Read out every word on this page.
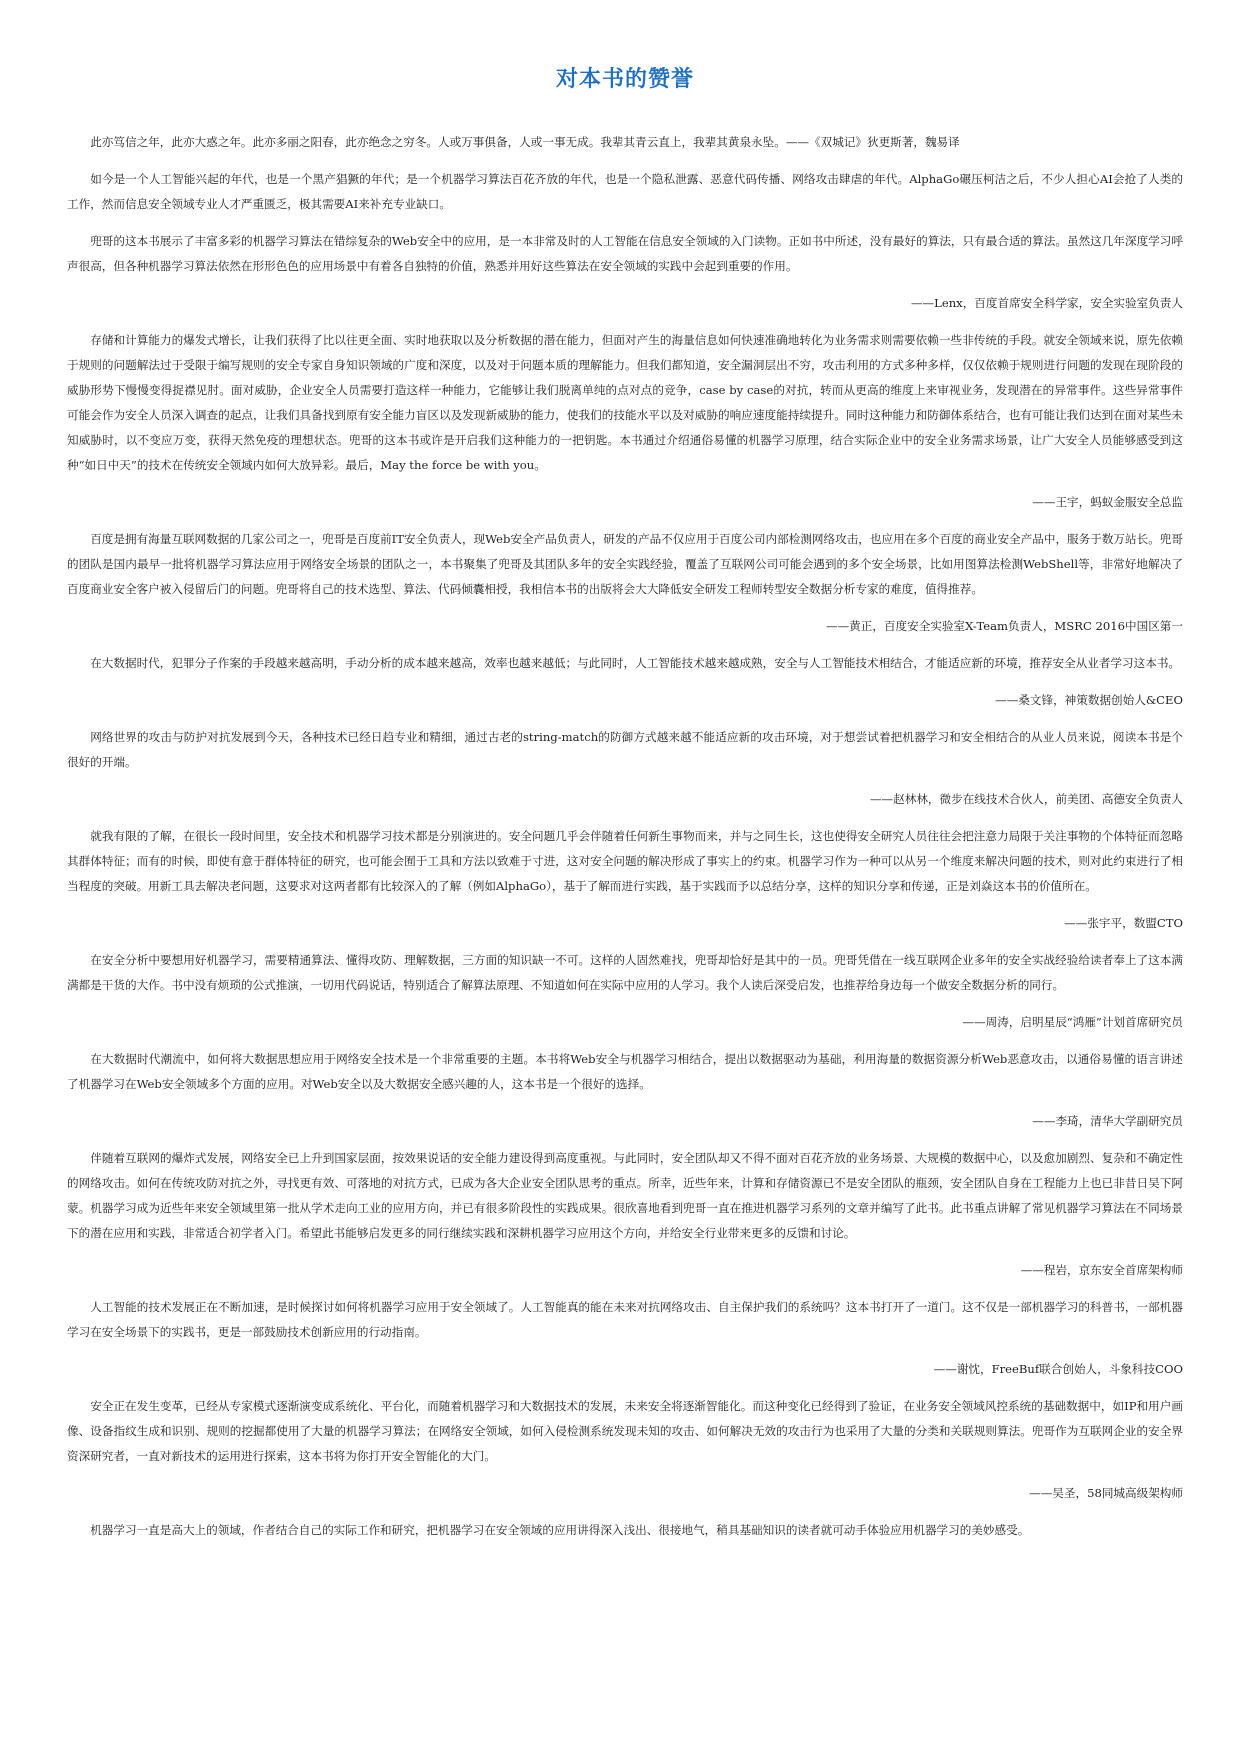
对本书的赞誉

此亦笃信之年，此亦大惑之年。此亦多丽之阳春，此亦绝念之穷冬。人或万事俱备，人或一事无成。我辈其青云直上，我辈其黄泉永坠。——《双城记》狄更斯著，魏易译

如今是一个人工智能兴起的年代，也是一个黑产猖獗的年代；是一个机器学习算法百花齐放的年代，也是一个隐私泄露、恶意代码传播、网络攻击肆虐的年代。AlphaGo碾压柯洁之后，不少人担心AI会抢了人类的工作，然而信息安全领域专业人才严重匮乏，极其需要AI来补充专业缺口。

兜哥的这本书展示了丰富多彩的机器学习算法在错综复杂的Web安全中的应用，是一本非常及时的人工智能在信息安全领域的入门读物。正如书中所述，没有最好的算法，只有最合适的算法。虽然这几年深度学习呼声很高，但各种机器学习算法依然在形形色色的应用场景中有着各自独特的价值，熟悉并用好这些算法在安全领域的实践中会起到重要的作用。

——Lenx，百度首席安全科学家，安全实验室负责人

存储和计算能力的爆发式增长，让我们获得了比以往更全面、实时地获取以及分析数据的潜在能力，但面对产生的海量信息如何快速准确地转化为业务需求则需要依赖一些非传统的手段。就安全领域来说，原先依赖于规则的问题解法过于受限于编写规则的安全专家自身知识领域的广度和深度，以及对于问题本质的理解能力。但我们都知道，安全漏洞层出不穷，攻击利用的方式多种多样，仅仅依赖于规则进行问题的发现在现阶段的威胁形势下慢慢变得捉襟见肘。面对威胁，企业安全人员需要打造这样一种能力，它能够让我们脱离单纯的点对点的竞争，case by case的对抗，转而从更高的维度上来审视业务，发现潜在的异常事件。这些异常事件可能会作为安全人员深入调查的起点，让我们具备找到原有安全能力盲区以及发现新威胁的能力，使我们的技能水平以及对威胁的响应速度能持续提升。同时这种能力和防御体系结合，也有可能让我们达到在面对某些未知威胁时，以不变应万变，获得天然免疫的理想状态。兜哥的这本书或许是开启我们这种能力的一把钥匙。本书通过介绍通俗易懂的机器学习原理，结合实际企业中的安全业务需求场景，让广大安全人员能够感受到这种“如日中天”的技术在传统安全领域内如何大放异彩。最后，May the force be with you。

——王宇，蚂蚁金服安全总监

百度是拥有海量互联网数据的几家公司之一，兜哥是百度前IT安全负责人，现Web安全产品负责人，研发的产品不仅应用于百度公司内部检测网络攻击，也应用在多个百度的商业安全产品中，服务于数万站长。兜哥的团队是国内最早一批将机器学习算法应用于网络安全场景的团队之一，本书聚集了兜哥及其团队多年的安全实践经验，覆盖了互联网公司可能会遇到的多个安全场景，比如用图算法检测WebShell等，非常好地解决了百度商业安全客户被入侵留后门的问题。兜哥将自己的技术选型、算法、代码倾囊相授，我相信本书的出版将会大大降低安全研发工程师转型安全数据分析专家的难度，值得推荐。

——黄正，百度安全实验室X-Team负责人，MSRC 2016中国区第一

在大数据时代，犯罪分子作案的手段越来越高明，手动分析的成本越来越高，效率也越来越低；与此同时，人工智能技术越来越成熟，安全与人工智能技术相结合，才能适应新的环境，推荐安全从业者学习这本书。

——桑文锋，神策数据创始人&CEO

网络世界的攻击与防护对抗发展到今天，各种技术已经日趋专业和精细，通过古老的string-match的防御方式越来越不能适应新的攻击环境，对于想尝试着把机器学习和安全相结合的从业人员来说，阅读本书是个很好的开端。

——赵林林，微步在线技术合伙人，前美团、高德安全负责人

就我有限的了解，在很长一段时间里，安全技术和机器学习技术都是分别演进的。安全问题几乎会伴随着任何新生事物而来，并与之同生长，这也使得安全研究人员往往会把注意力局限于关注事物的个体特征而忽略其群体特征；而有的时候，即使有意于群体特征的研究，也可能会囿于工具和方法以致难于寸进，这对安全问题的解决形成了事实上的约束。机器学习作为一种可以从另一个维度来解决问题的技术，则对此约束进行了相当程度的突破。用新工具去解决老问题，这要求对这两者都有比较深入的了解（例如AlphaGo），基于了解而进行实践，基于实践而予以总结分享，这样的知识分享和传递，正是刘焱这本书的价值所在。

——张宇平，数盟CTO

在安全分析中要想用好机器学习，需要精通算法、懂得攻防、理解数据，三方面的知识缺一不可。这样的人固然难找，兜哥却恰好是其中的一员。兜哥凭借在一线互联网企业多年的安全实战经验给读者奉上了这本满满都是干货的大作。书中没有烦琐的公式推演，一切用代码说话，特别适合了解算法原理、不知道如何在实际中应用的人学习。我个人读后深受启发，也推荐给身边每一个做安全数据分析的同行。

——周涛，启明星辰“鸿雁”计划首席研究员

在大数据时代潮流中，如何将大数据思想应用于网络安全技术是一个非常重要的主题。本书将Web安全与机器学习相结合，提出以数据驱动为基础，利用海量的数据资源分析Web恶意攻击，以通俗易懂的语言讲述了机器学习在Web安全领域多个方面的应用。对Web安全以及大数据安全感兴趣的人，这本书是一个很好的选择。

——李琦，清华大学副研究员

伴随着互联网的爆炸式发展，网络安全已上升到国家层面，按效果说话的安全能力建设得到高度重视。与此同时，安全团队却又不得不面对百花齐放的业务场景、大规模的数据中心，以及愈加剧烈、复杂和不确定性的网络攻击。如何在传统攻防对抗之外，寻找更有效、可落地的对抗方式，已成为各大企业安全团队思考的重点。所幸，近些年来，计算和存储资源已不是安全团队的瓶颈，安全团队自身在工程能力上也已非昔日吴下阿蒙。机器学习成为近些年来安全领域里第一批从学术走向工业的应用方向，并已有很多阶段性的实践成果。很欣喜地看到兜哥一直在推进机器学习系列的文章并编写了此书。此书重点讲解了常见机器学习算法在不同场景下的潜在应用和实践，非常适合初学者入门。希望此书能够启发更多的同行继续实践和深耕机器学习应用这个方向，并给安全行业带来更多的反馈和讨论。

——程岩，京东安全首席架构师

人工智能的技术发展正在不断加速，是时候探讨如何将机器学习应用于安全领域了。人工智能真的能在未来对抗网络攻击、自主保护我们的系统吗？这本书打开了一道门。这不仅是一部机器学习的科普书，一部机器学习在安全场景下的实践书，更是一部鼓励技术创新应用的行动指南。

——谢忱，FreeBuf联合创始人，斗象科技COO

安全正在发生变革，已经从专家模式逐渐演变成系统化、平台化，而随着机器学习和大数据技术的发展，未来安全将逐渐智能化。而这种变化已经得到了验证，在业务安全领域风控系统的基础数据中，如IP和用户画像、设备指纹生成和识别、规则的挖掘都使用了大量的机器学习算法；在网络安全领域，如何入侵检测系统发现未知的攻击、如何解决无效的攻击行为也采用了大量的分类和关联规则算法。兜哥作为互联网企业的安全界资深研究者，一直对新技术的运用进行探索，这本书将为你打开安全智能化的大门。

——吴圣，58同城高级架构师

机器学习一直是高大上的领域，作者结合自己的实际工作和研究，把机器学习在安全领域的应用讲得深入浅出、很接地气，稍具基础知识的读者就可动手体验应用机器学习的美妙感受。
